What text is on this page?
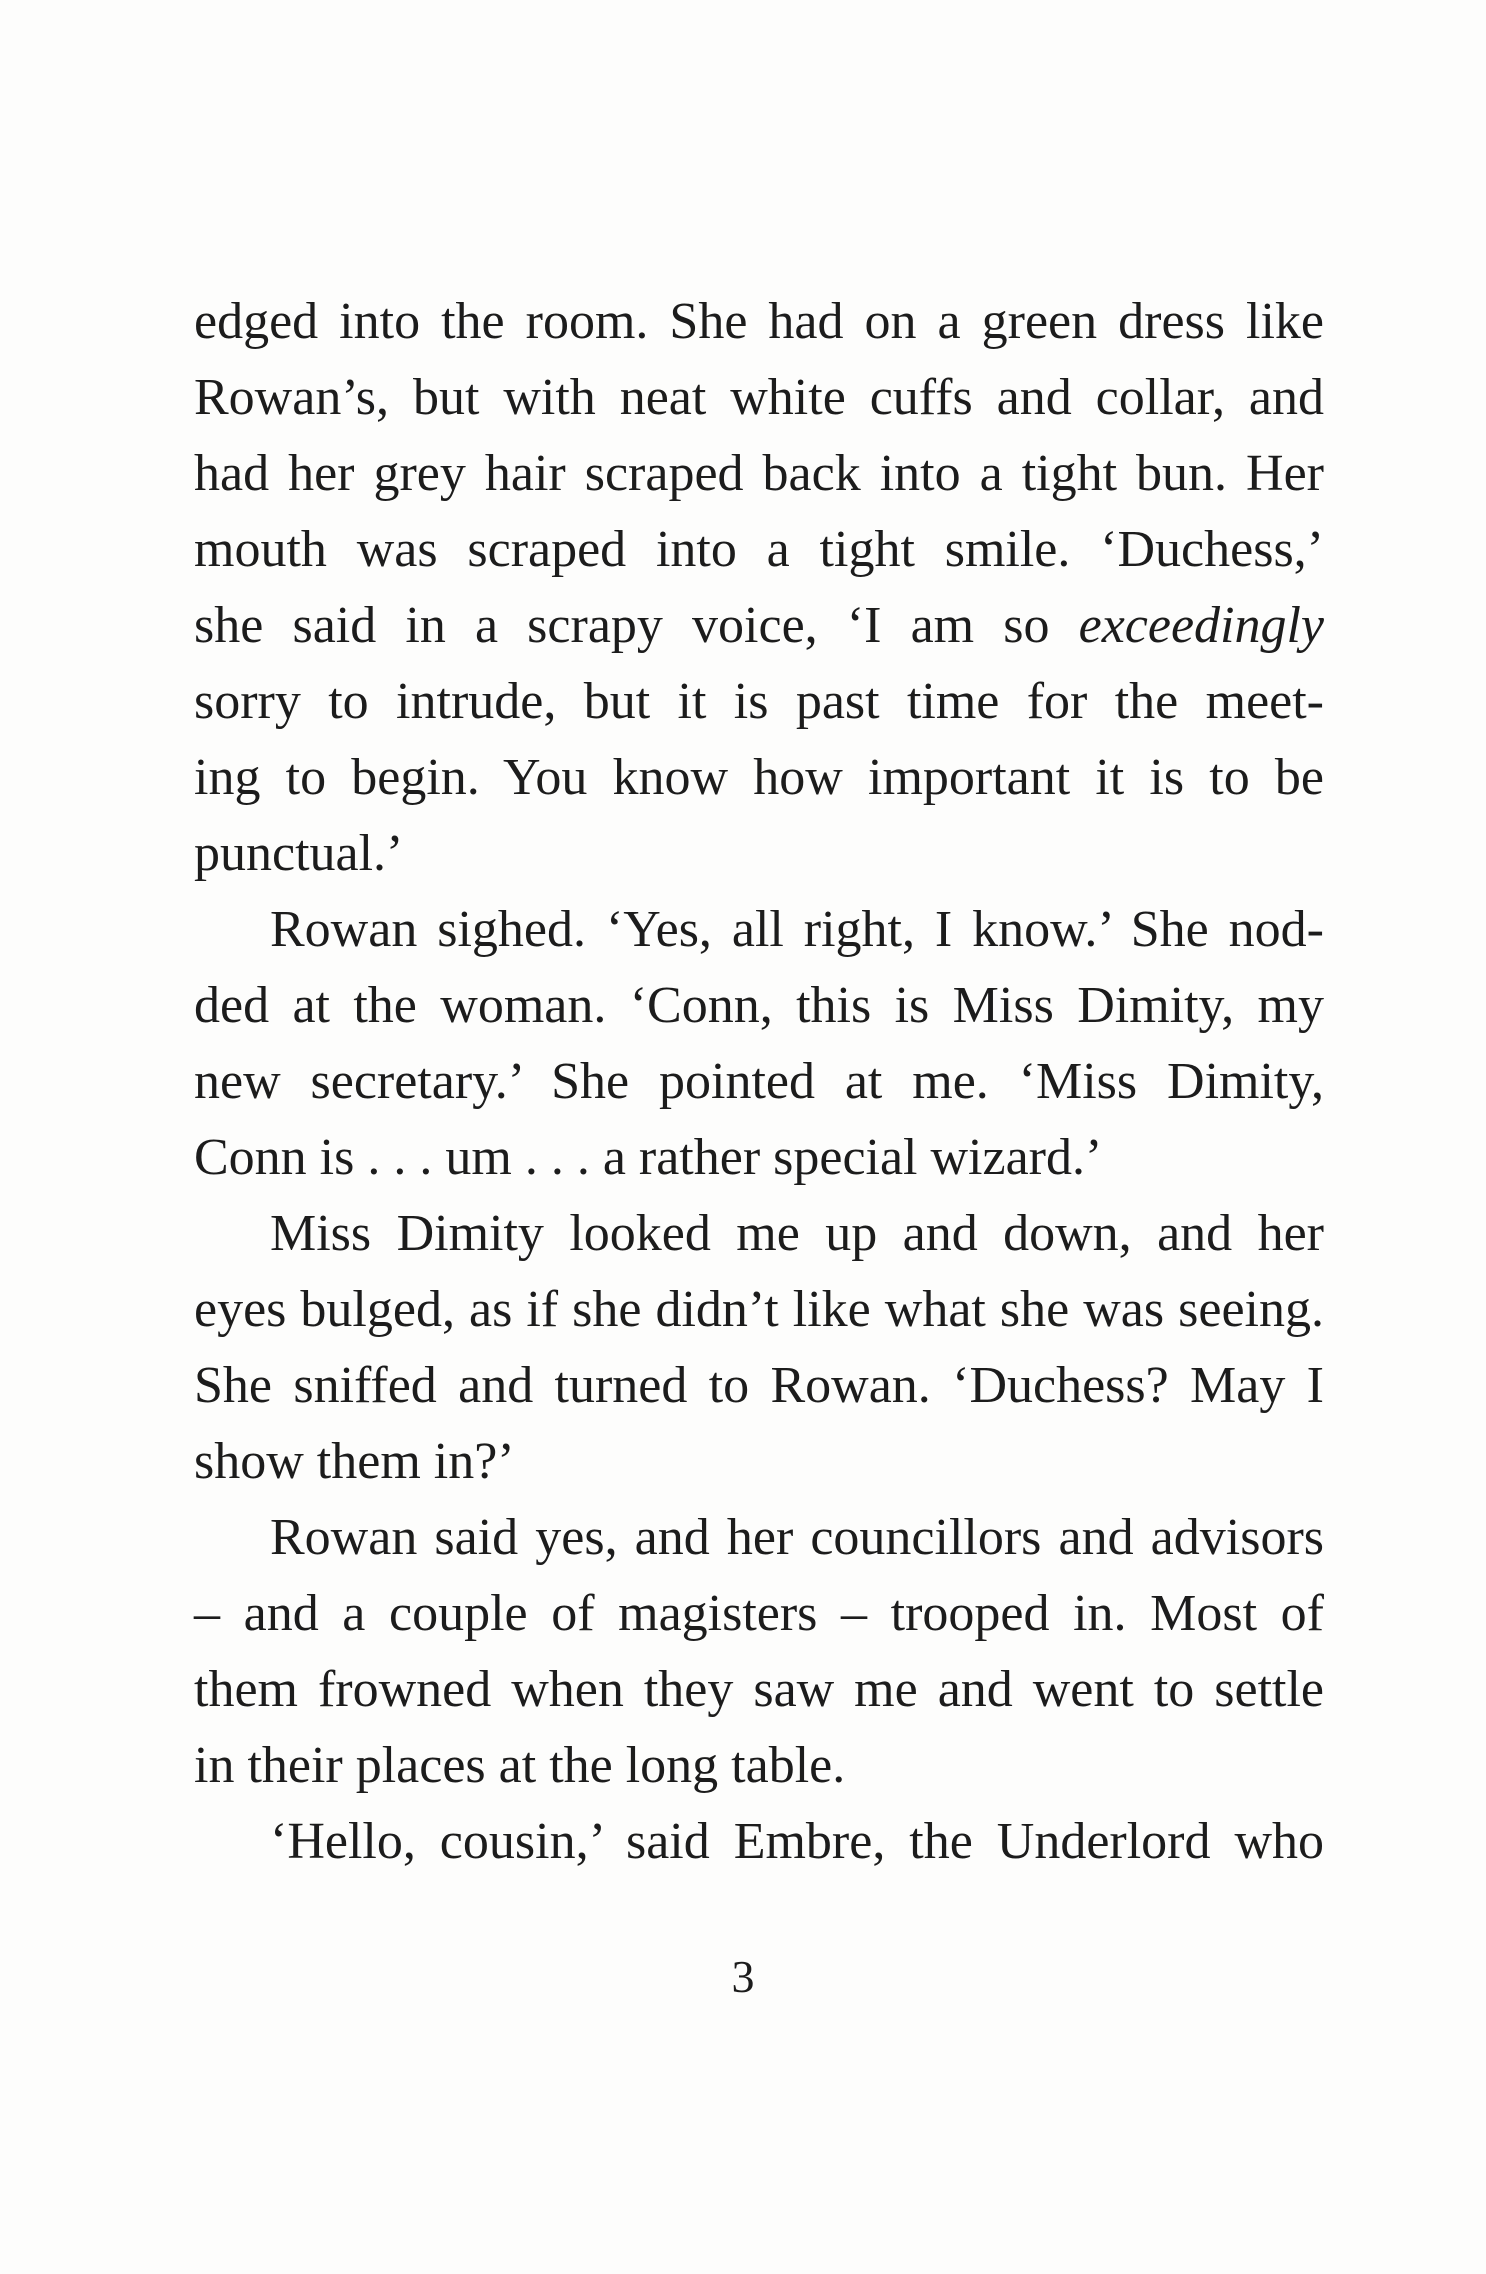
edged into the room. She had on a green dress like
Rowan’s, but with neat white cuffs and collar, and
had her grey hair scraped back into a tight bun. Her
mouth was scraped into a tight smile. ‘Duchess,’
she said in a scrapy voice, ‘I am so exceedingly
sorry to intrude, but it is past time for the meet-
ing to begin. You know how important it is to be
punctual.’
Rowan sighed. ‘Yes, all right, I know.’ She nod-
ded at the woman. ‘Conn, this is Miss Dimity, my
new secretary.’ She pointed at me. ‘Miss Dimity,
Conn is . . . um . . . a rather special wizard.’
Miss Dimity looked me up and down, and her
eyes bulged, as if she didn’t like what she was seeing.
She sniffed and turned to Rowan. ‘Duchess? May I
show them in?’
Rowan said yes, and her councillors and advisors
– and a couple of magisters – trooped in. Most of
them frowned when they saw me and went to settle
in their places at the long table.
‘Hello, cousin,’ said Embre, the Underlord who
3
